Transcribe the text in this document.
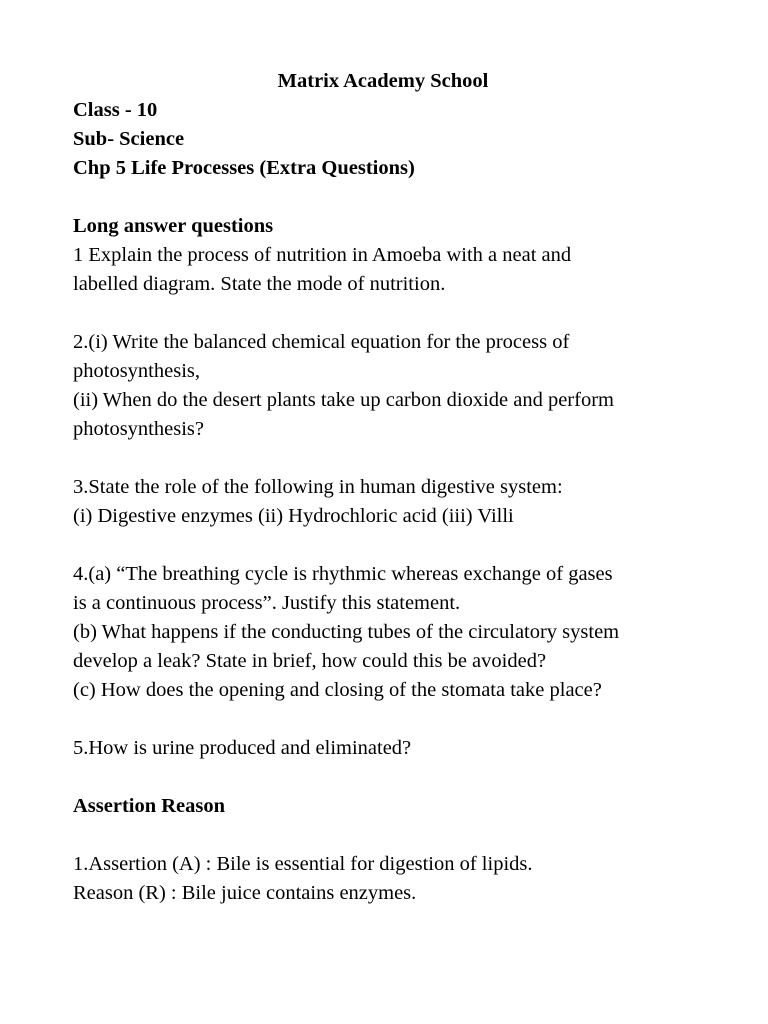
Matrix Academy School
Class - 10
Sub- Science
Chp 5 Life Processes (Extra Questions)
Long answer questions
1 Explain the process of nutrition in Amoeba with a neat and
labelled diagram. State the mode of nutrition.
2.(i) Write the balanced chemical equation for the process of
photosynthesis,
(ii) When do the desert plants take up carbon dioxide and perform
photosynthesis?
3.State the role of the following in human digestive system:
(i) Digestive enzymes (ii) Hydrochloric acid (iii) Villi
4.(a) “The breathing cycle is rhythmic whereas exchange of gases
is a continuous process”. Justify this statement.
(b) What happens if the conducting tubes of the circulatory system
develop a leak? State in brief, how could this be avoided?
(c) How does the opening and closing of the stomata take place?
5.How is urine produced and eliminated?
Assertion Reason
1.Assertion (A) : Bile is essential for digestion of lipids.
Reason (R) : Bile juice contains enzymes.
